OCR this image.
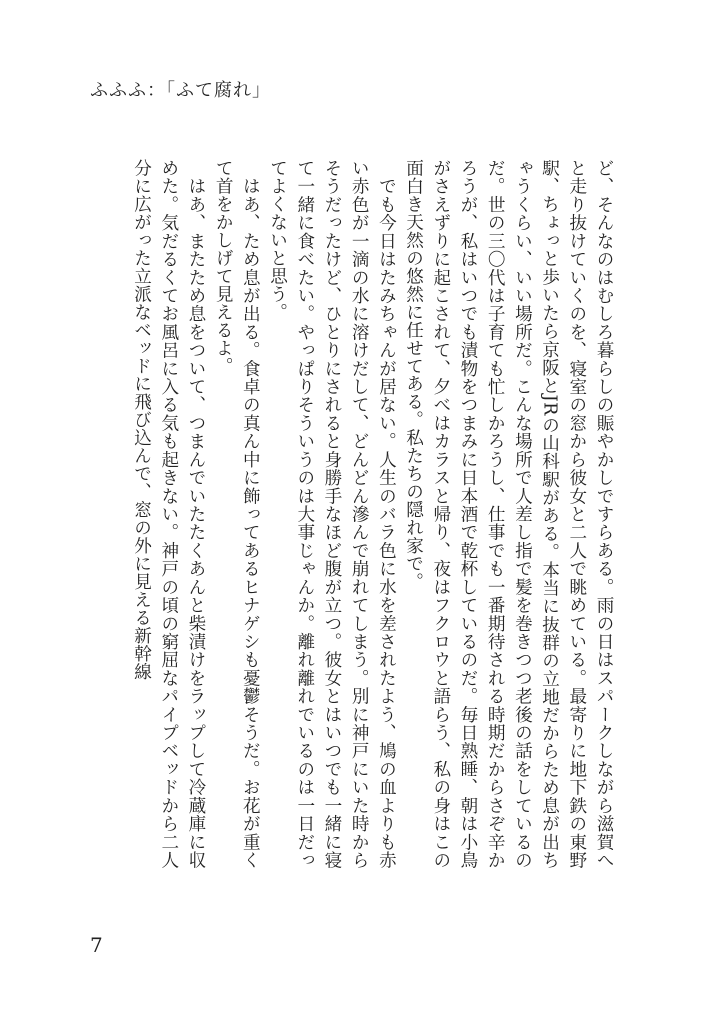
ふふふ：「ふて腐れ」

ど、そんなのはむしろ暮らしの賑やかしですらある。雨の日はスパークしながら滋賀へと走り抜けていくのを、寝室の窓から彼女と二人で眺めている。最寄りに地下鉄の東野駅、ちょっと歩いたら京阪とJRの山科駅がある。本当に抜群の立地だからため息が出ちゃうくらい、いい場所だ。こんな場所で人差し指で髪を巻きつつ老後の話をしているのだ。世の三〇代は子育ても忙しかろうし、仕事でも一番期待される時期だからさぞ辛かろうが、私はいつでも漬物をつまみに日本酒で乾杯しているのだ。毎日熟睡、朝は小鳥がさえずりに起こされて、夕べはカラスと帰り、夜はフクロウと語らう、私の身はこの面白き天然の悠然に任せてある。私たちの隠れ家で。

　でも今日はたみちゃんが居ない。人生のバラ色に水を差されたよう、鳩の血よりも赤い赤色が一滴の水に溶けだして、どんどん滲んで崩れてしまう。別に神戸にいた時からそうだったけど、ひとりにされると身勝手なほど腹が立つ。彼女とはいつでも一緒に寝て一緒に食べたい。やっぱりそういうのは大事じゃんか。離れ離れでいるのは一日だってよくないと思う。

　はあ、ため息が出る。食卓の真ん中に飾ってあるヒナゲシも憂鬱そうだ。お花が重くて首をかしげて見えるよ。

　はあ、またため息をついて、つまんでいたたくあんと柴漬けをラップして冷蔵庫に収めた。気だるくてお風呂に入る気も起きない。神戸の頃の窮屈なパイプベッドから二人分に広がった立派なベッドに飛び込んで、窓の外に見える新幹線

7
